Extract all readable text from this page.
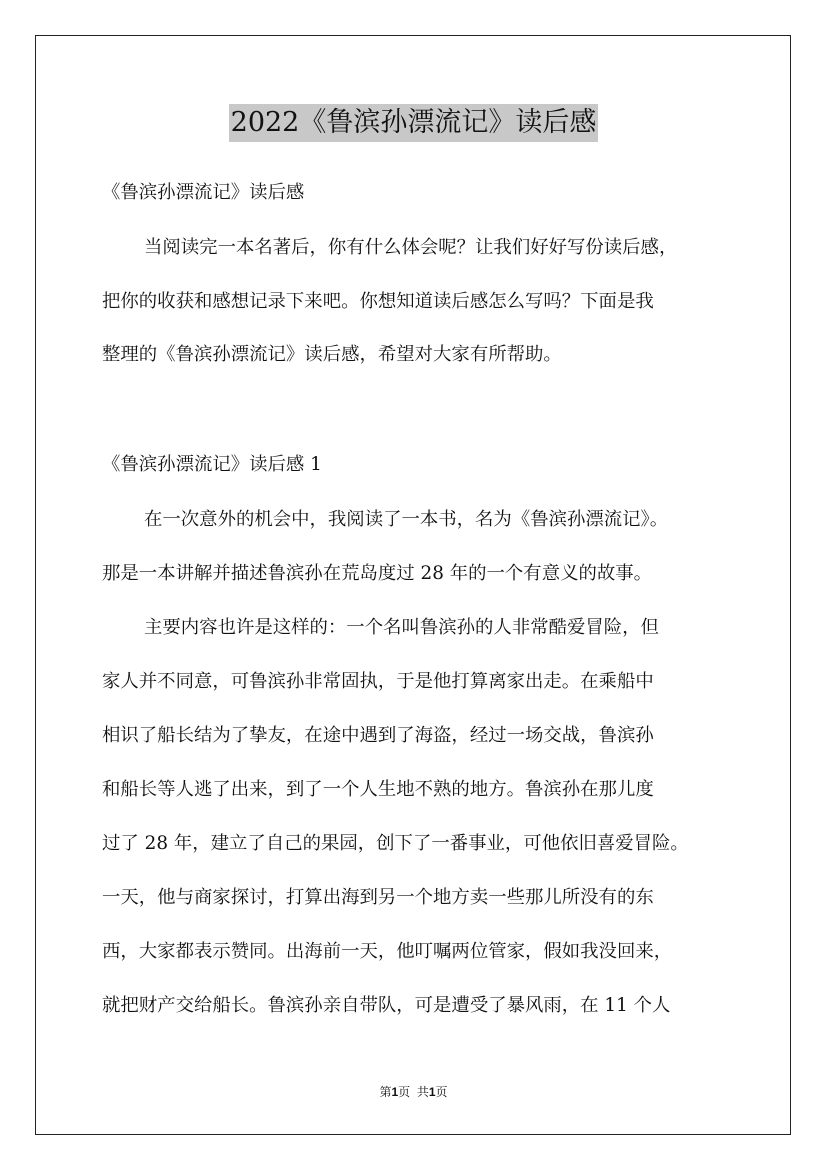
2022《鲁滨孙漂流记》读后感
《鲁滨孙漂流记》读后感
当阅读完一本名著后，你有什么体会呢？让我们好好写份读后感，
把你的收获和感想记录下来吧。你想知道读后感怎么写吗？下面是我
整理的《鲁滨孙漂流记》读后感，希望对大家有所帮助。
《鲁滨孙漂流记》读后感 1
在一次意外的机会中，我阅读了一本书，名为《鲁滨孙漂流记》。
那是一本讲解并描述鲁滨孙在荒岛度过 28 年的一个有意义的故事。
主要内容也许是这样的：一个名叫鲁滨孙的人非常酷爱冒险，但
家人并不同意，可鲁滨孙非常固执，于是他打算离家出走。在乘船中
相识了船长结为了挚友，在途中遇到了海盗，经过一场交战，鲁滨孙
和船长等人逃了出来，到了一个人生地不熟的地方。鲁滨孙在那儿度
过了 28 年，建立了自己的果园，创下了一番事业，可他依旧喜爱冒险。
一天，他与商家探讨，打算出海到另一个地方卖一些那儿所没有的东
西，大家都表示赞同。出海前一天，他叮嘱两位管家，假如我没回来，
就把财产交给船长。鲁滨孙亲自带队，可是遭受了暴风雨，在 11 个人
第1页 共1页
